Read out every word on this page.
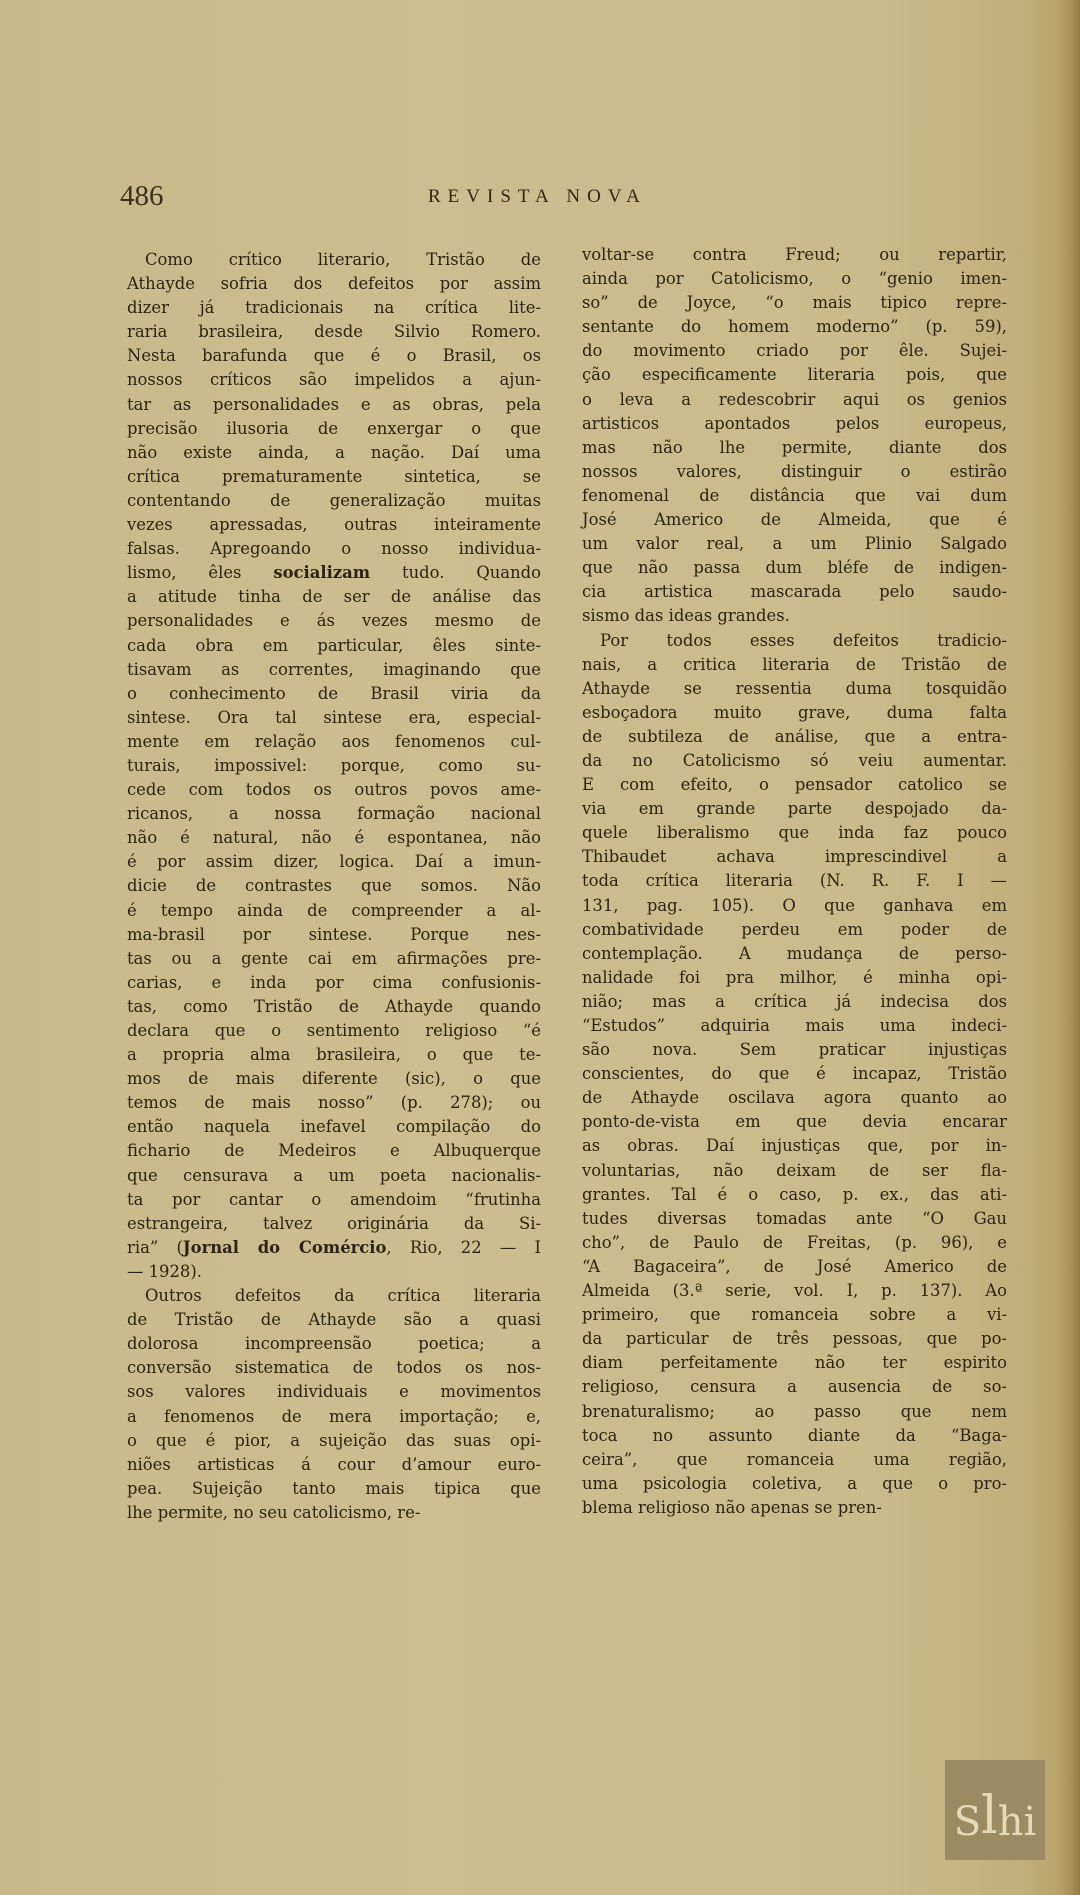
486	REVISTA NOVA
Como crítico literario, Tristão de
Athayde sofria dos defeitos por assim
dizer já tradicionais na crítica lite-
raria brasileira, desde Silvio Romero.
Nesta barafunda que é o Brasil, os
nossos críticos são impelidos a ajun-
tar as personalidades e as obras, pela
precisão ilusoria de enxergar o que
não existe ainda, a nação. Daí uma
crítica prematuramente sintetica, se
contentando de generalização muitas
vezes apressadas, outras inteiramente
falsas. Apregoando o nosso individua-
lismo, êles socializam tudo. Quando
a atitude tinha de ser de análise das
personalidades e ás vezes mesmo de
cada obra em particular, êles sinte-
tisavam as correntes, imaginando que
o conhecimento de Brasil viria da
sintese. Ora tal sintese era, especial-
mente em relação aos fenomenos cul-
turais, impossivel: porque, como su-
cede com todos os outros povos ame-
ricanos, a nossa formação nacional
não é natural, não é espontanea, não
é por assim dizer, logica. Daí a imun-
dicie de contrastes que somos. Não
é tempo ainda de compreender a al-
ma-brasil por sintese. Porque nes-
tas ou a gente cai em afirmações pre-
carias, e inda por cima confusionis-
tas, como Tristão de Athayde quando
declara que o sentimento religioso “é
a propria alma brasileira, o que te-
mos de mais diferente (sic), o que
temos de mais nosso” (p. 278); ou
então naquela inefavel compilação do
fichario de Medeiros e Albuquerque
que censurava a um poeta nacionalis-
ta por cantar o amendoim “frutinha
estrangeira, talvez originária da Si-
ria” (Jornal do Comércio, Rio, 22 — I
— 1928).
Outros defeitos da crítica literaria
de Tristão de Athayde são a quasi
dolorosa incompreensão poetica; a
conversão sistematica de todos os nos-
sos valores individuais e movimentos
a fenomenos de mera importação; e,
o que é pior, a sujeição das suas opi-
niões artisticas á cour d’amour euro-
pea. Sujeição tanto mais tipica que
lhe permite, no seu catolicismo, re-
voltar-se contra Freud; ou repartir,
ainda por Catolicismo, o “genio imen-
so” de Joyce, “o mais tipico repre-
sentante do homem moderno” (p. 59),
do movimento criado por êle. Sujei-
ção especificamente literaria pois, que
o leva a redescobrir aqui os genios
artisticos apontados pelos europeus,
mas não lhe permite, diante dos
nossos valores, distinguir o estirão
fenomenal de distância que vai dum
José Americo de Almeida, que é
um valor real, a um Plinio Salgado
que não passa dum bléfe de indigen-
cia artistica mascarada pelo saudo-
sismo das ideas grandes.
Por todos esses defeitos tradicio-
nais, a critica literaria de Tristão de
Athayde se ressentia duma tosquidão
esboçadora muito grave, duma falta
de subtileza de análise, que a entra-
da no Catolicismo só veiu aumentar.
E com efeito, o pensador catolico se
via em grande parte despojado da-
quele liberalismo que inda faz pouco
Thibaudet achava imprescindivel a
toda crítica literaria (N. R. F. I —
131, pag. 105). O que ganhava em
combatividade perdeu em poder de
contemplação. A mudança de perso-
nalidade foi pra milhor, é minha opi-
nião; mas a crítica já indecisa dos
“Estudos” adquiria mais uma indeci-
são nova. Sem praticar injustiças
conscientes, do que é incapaz, Tristão
de Athayde oscilava agora quanto ao
ponto-de-vista em que devia encarar
as obras. Daí injustiças que, por in-
voluntarias, não deixam de ser fla-
grantes. Tal é o caso, p. ex., das ati-
tudes diversas tomadas ante “O Gau
cho”, de Paulo de Freitas, (p. 96), e
“A Bagaceira”, de José Americo de
Almeida (3.ª serie, vol. I, p. 137). Ao
primeiro, que romanceia sobre a vi-
da particular de três pessoas, que po-
diam perfeitamente não ter espirito
religioso, censura a ausencia de so-
brenaturalismo; ao passo que nem
toca no assunto diante da “Baga-
ceira”, que romanceia uma região,
uma psicologia coletiva, a que o pro-
blema religioso não apenas se pren-
S l hi
